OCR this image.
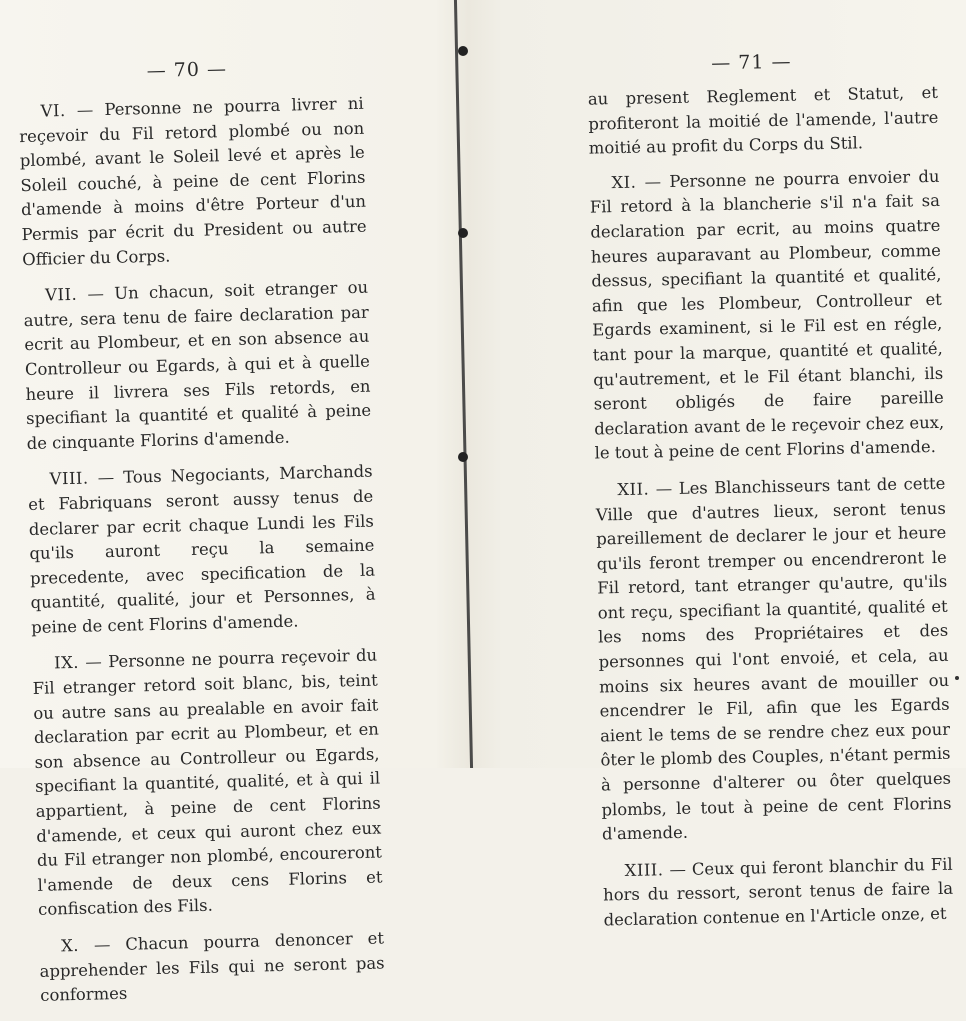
— 70 —

VI. — Personne ne pourra livrer ni reçevoir du Fil retord plombé ou non plombé, avant le Soleil levé et après le Soleil couché, à peine de cent Florins d'amende à moins d'être Porteur d'un Permis par écrit du President ou autre Officier du Corps.

VII. — Un chacun, soit etranger ou autre, sera tenu de faire declaration par ecrit au Plombeur, et en son absence au Controlleur ou Egards, à qui et à quelle heure il livrera ses Fils retords, en specifiant la quantité et qualité à peine de cinquante Florins d'amende.

VIII. — Tous Negociants, Marchands et Fabriquans seront aussy tenus de declarer par ecrit chaque Lundi les Fils qu'ils auront reçu la semaine precedente, avec specification de la quantité, qualité, jour et Personnes, à peine de cent Florins d'amende.

IX. — Personne ne pourra reçevoir du Fil etranger retord soit blanc, bis, teint ou autre sans au prealable en avoir fait declaration par ecrit au Plombeur, et en son absence au Controlleur ou Egards, specifiant la quantité, qualité, et à qui il appartient, à peine de cent Florins d'amende, et ceux qui auront chez eux du Fil etranger non plombé, encoureront l'amende de deux cens Florins et confiscation des Fils.

X. — Chacun pourra denoncer et apprehender les Fils qui ne seront pas conformes

— 71 —

au present Reglement et Statut, et profiteront la moitié de l'amende, l'autre moitié au profit du Corps du Stil.

XI. — Personne ne pourra envoier du Fil retord à la blancherie s'il n'a fait sa declaration par ecrit, au moins quatre heures auparavant au Plombeur, comme dessus, specifiant la quantité et qualité, afin que les Plombeur, Controlleur et Egards examinent, si le Fil est en régle, tant pour la marque, quantité et qualité, qu'autrement, et le Fil étant blanchi, ils seront obligés de faire pareille declaration avant de le reçevoir chez eux, le tout à peine de cent Florins d'amende.

XII. — Les Blanchisseurs tant de cette Ville que d'autres lieux, seront tenus pareillement de declarer le jour et heure qu'ils feront tremper ou encendreront le Fil retord, tant etranger qu'autre, qu'ils ont reçu, specifiant la quantité, qualité et les noms des Propriétaires et des personnes qui l'ont envoié, et cela, au moins six heures avant de mouiller ou encendrer le Fil, afin que les Egards aient le tems de se rendre chez eux pour ôter le plomb des Couples, n'étant permis à personne d'alterer ou ôter quelques plombs, le tout à peine de cent Florins d'amende.

XIII. — Ceux qui feront blanchir du Fil hors du ressort, seront tenus de faire la declaration contenue en l'Article onze, et
